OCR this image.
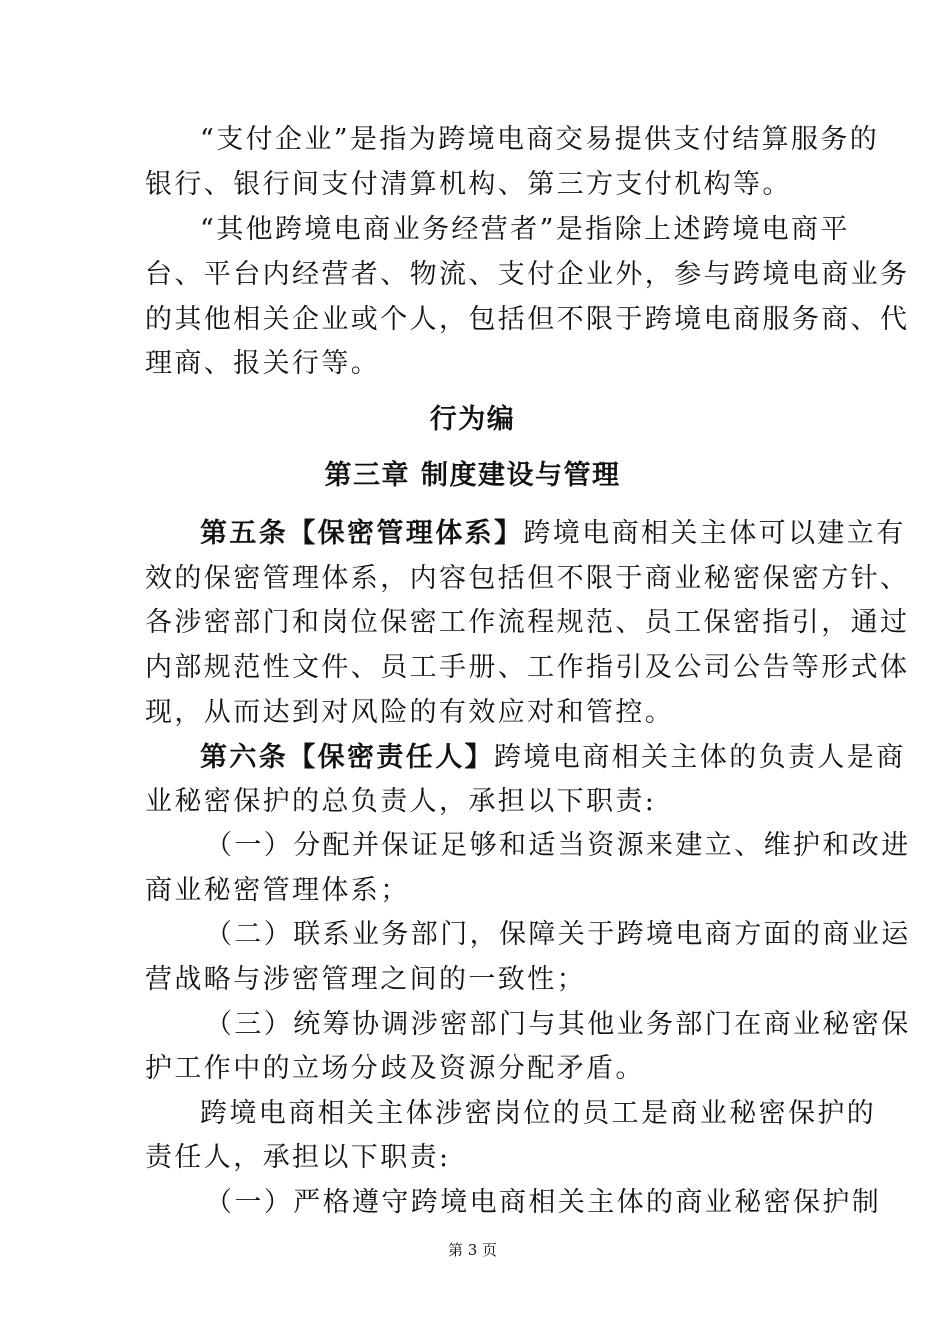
“支付企业”是指为跨境电商交易提供支付结算服务的
银行、银行间支付清算机构、第三方支付机构等。
“其他跨境电商业务经营者”是指除上述跨境电商平
台、平台内经营者、物流、支付企业外，参与跨境电商业务
的其他相关企业或个人，包括但不限于跨境电商服务商、代
理商、报关行等。
行为编
第三章 制度建设与管理
第五条【保密管理体系】跨境电商相关主体可以建立有
效的保密管理体系，内容包括但不限于商业秘密保密方针、
各涉密部门和岗位保密工作流程规范、员工保密指引，通过
内部规范性文件、员工手册、工作指引及公司公告等形式体
现，从而达到对风险的有效应对和管控。
第六条【保密责任人】跨境电商相关主体的负责人是商
业秘密保护的总负责人，承担以下职责:
（一）分配并保证足够和适当资源来建立、维护和改进
商业秘密管理体系；
（二）联系业务部门，保障关于跨境电商方面的商业运
营战略与涉密管理之间的一致性；
（三）统筹协调涉密部门与其他业务部门在商业秘密保
护工作中的立场分歧及资源分配矛盾。
跨境电商相关主体涉密岗位的员工是商业秘密保护的
责任人，承担以下职责:
（一）严格遵守跨境电商相关主体的商业秘密保护制
第 3 页
